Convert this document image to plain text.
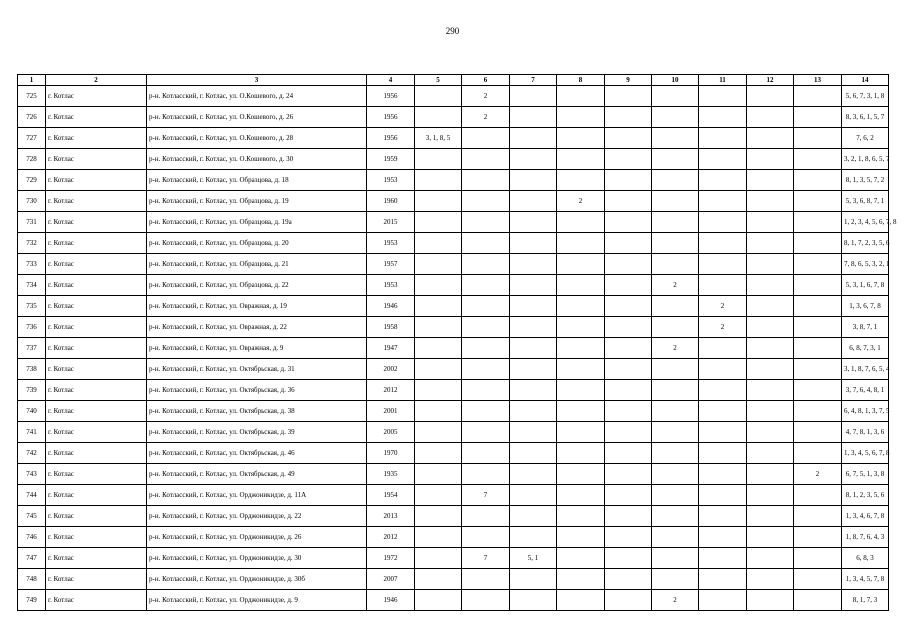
290
1	2	3	4	5	6	7	8	9	10	11	12	13	14
725	г. Котлас	р-н. Котласский, г. Котлас, ул. О.Кошевого, д. 24	1956		2								5, 6, 7, 3, 1, 8
726	г. Котлас	р-н. Котласский, г. Котлас, ул. О.Кошевого, д. 26	1956		2								8, 3, 6, 1, 5, 7
727	г. Котлас	р-н. Котласский, г. Котлас, ул. О.Кошевого, д. 28	1956	3, 1, 8, 5									7, 6, 2
728	г. Котлас	р-н. Котласский, г. Котлас, ул. О.Кошевого, д. 30	1959										3, 2, 1, 8, 6, 5, 7
729	г. Котлас	р-н. Котласский, г. Котлас, ул. Образцова, д. 18	1953										8, 1, 3, 5, 7, 2
730	г. Котлас	р-н. Котласский, г. Котлас, ул. Образцова, д. 19	1960				2						5, 3, 6, 8, 7, 1
731	г. Котлас	р-н. Котласский, г. Котлас, ул. Образцова, д. 19а	2015										1, 2, 3, 4, 5, 6, 7, 8
732	г. Котлас	р-н. Котласский, г. Котлас, ул. Образцова, д. 20	1953										8, 1, 7, 2, 3, 5, 6
733	г. Котлас	р-н. Котласский, г. Котлас, ул. Образцова, д. 21	1957										7, 8, 6, 5, 3, 2, 1
734	г. Котлас	р-н. Котласский, г. Котлас, ул. Образцова, д. 22	1953						2				5, 3, 1, 6, 7, 8
735	г. Котлас	р-н. Котласский, г. Котлас, ул. Овражная, д. 19	1946							2			1, 3, 6, 7, 8
736	г. Котлас	р-н. Котласский, г. Котлас, ул. Овражная, д. 22	1958							2			3, 8, 7, 1
737	г. Котлас	р-н. Котласский, г. Котлас, ул. Овражная, д. 9	1947						2				6, 8, 7, 3, 1
738	г. Котлас	р-н. Котласский, г. Котлас, ул. Октябрьская, д. 31	2002										3, 1, 8, 7, 6, 5, 4
739	г. Котлас	р-н. Котласский, г. Котлас, ул. Октябрьская, д. 36	2012										3, 7, 6, 4, 8, 1
740	г. Котлас	р-н. Котласский, г. Котлас, ул. Октябрьская, д. 38	2001										6, 4, 8, 1, 3, 7, 5
741	г. Котлас	р-н. Котласский, г. Котлас, ул. Октябрьская, д. 39	2005										4, 7, 8, 1, 3, 6
742	г. Котлас	р-н. Котласский, г. Котлас, ул. Октябрьская, д. 46	1970										1, 3, 4, 5, 6, 7, 8
743	г. Котлас	р-н. Котласский, г. Котлас, ул. Октябрьская, д. 49	1935									2	6, 7, 5, 1, 3, 8
744	г. Котлас	р-н. Котласский, г. Котлас, ул. Орджоникидзе, д. 11А	1954		7								8, 1, 2, 3, 5, 6
745	г. Котлас	р-н. Котласский, г. Котлас, ул. Орджоникидзе, д. 22	2013										1, 3, 4, 6, 7, 8
746	г. Котлас	р-н. Котласский, г. Котлас, ул. Орджоникидзе, д. 26	2012										1, 8, 7, 6, 4, 3
747	г. Котлас	р-н. Котласский, г. Котлас, ул. Орджоникидзе, д. 30	1972		7	5, 1							6, 8, 3
748	г. Котлас	р-н. Котласский, г. Котлас, ул. Орджоникидзе, д. 30б	2007										1, 3, 4, 5, 7, 8
749	г. Котлас	р-н. Котласский, г. Котлас, ул. Орджоникидзе, д. 9	1946						2				8, 1, 7, 3
